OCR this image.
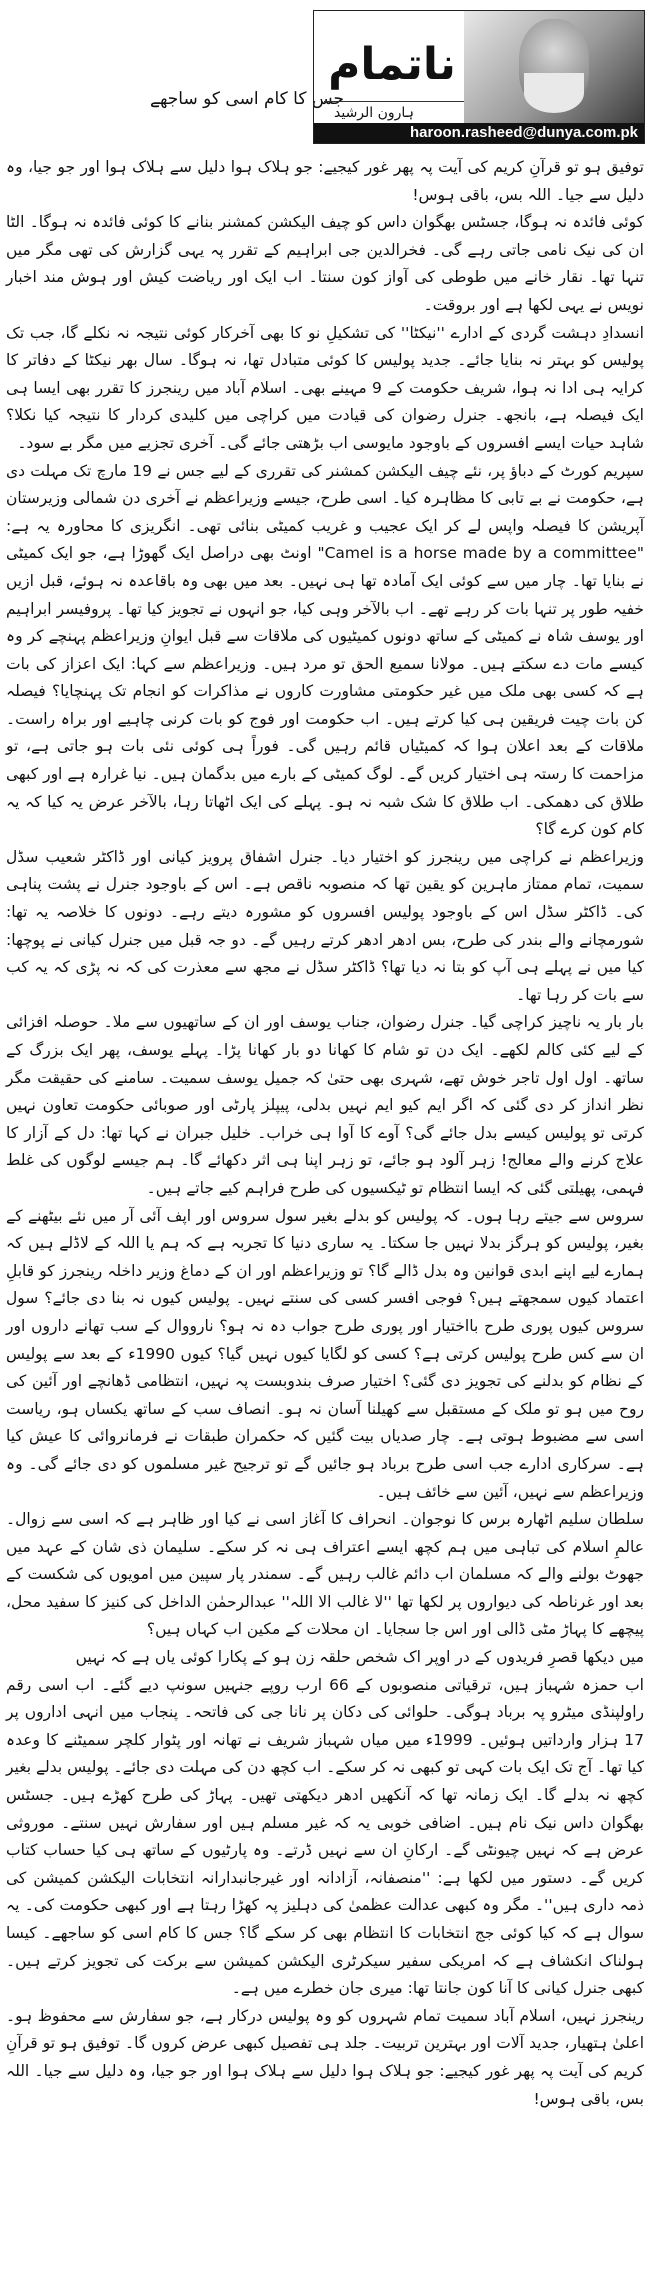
جس کا کام اسی کو ساجھے
ناتمام
ہارون الرشید
haroon.rasheed@dunya.com.pk

توفیق ہو تو قرآنِ کریم کی آیت پہ پھر غور کیجیے: جو ہلاک ہوا دلیل سے ہلاک ہوا اور جو جیا، وہ دلیل سے جیا۔ اللہ بس، باقی ہوس!

کوئی فائدہ نہ ہوگا، جسٹس بھگوان داس کو چیف الیکشن کمشنر بنانے کا کوئی فائدہ نہ ہوگا۔ الٹا ان کی نیک نامی جاتی رہے گی۔ فخرالدین جی ابراہیم کے تقرر پہ یہی گزارش کی تھی مگر میں تنہا تھا۔ نقار خانے میں طوطی کی آواز کون سنتا۔ اب ایک اور ریاضت کیش اور ہوش مند اخبار نویس نے یہی لکھا ہے اور بروقت۔

انسدادِ دہشت گردی کے ادارے ''نیکٹا'' کی تشکیلِ نو کا بھی آخرکار کوئی نتیجہ نہ نکلے گا، جب تک پولیس کو بہتر نہ بنایا جائے۔ جدید پولیس کا کوئی متبادل تھا، نہ ہوگا۔ سال بھر نیکٹا کے دفاتر کا کرایہ ہی ادا نہ ہوا، شریف حکومت کے 9 مہینے بھی۔ اسلام آباد میں رینجرز کا تقرر بھی ایسا ہی ایک فیصلہ ہے، بانجھ۔ جنرل رضوان کی قیادت میں کراچی میں کلیدی کردار کا نتیجہ کیا نکلا؟ شاہد حیات ایسے افسروں کے باوجود مایوسی اب بڑھتی جائے گی۔ آخری تجزیے میں مگر بے سود۔

سپریم کورٹ کے دباؤ پر، نئے چیف الیکشن کمشنر کی تقرری کے لیے جس نے 19 مارچ تک مہلت دی ہے، حکومت نے بے تابی کا مظاہرہ کیا۔ اسی طرح، جیسے وزیراعظم نے آخری دن شمالی وزیرستان آپریشن کا فیصلہ واپس لے کر ایک عجیب و غریب کمیٹی بنائی تھی۔ انگریزی کا محاورہ یہ ہے: "Camel is a horse made by a committee" اونٹ بھی دراصل ایک گھوڑا ہے، جو ایک کمیٹی نے بنایا تھا۔ چار میں سے کوئی ایک آمادہ تھا ہی نہیں۔ بعد میں بھی وہ باقاعدہ نہ ہوئے، قبل ازیں خفیہ طور پر تنہا بات کر رہے تھے۔ اب بالآخر وہی کیا، جو انہوں نے تجویز کیا تھا۔ پروفیسر ابراہیم اور یوسف شاہ نے کمیٹی کے ساتھ دونوں کمیٹیوں کی ملاقات سے قبل ایوانِ وزیراعظم پہنچے کر وہ کیسے مات دے سکتے ہیں۔ مولانا سمیع الحق تو مرد ہیں۔ وزیراعظم سے کہا: ایک اعزاز کی بات ہے کہ کسی بھی ملک میں غیر حکومتی مشاورت کاروں نے مذاکرات کو انجام تک پہنچایا؟ فیصلہ کن بات چیت فریقین ہی کیا کرتے ہیں۔ اب حکومت اور فوج کو بات کرنی چاہیے اور براہ راست۔ ملاقات کے بعد اعلان ہوا کہ کمیٹیاں قائم رہیں گی۔ فوراً ہی کوئی نئی بات ہو جاتی ہے، تو مزاحمت کا رستہ ہی اختیار کریں گے۔ لوگ کمیٹی کے بارے میں بدگمان ہیں۔ نیا غرارہ ہے اور کبھی طلاق کی دھمکی۔ اب طلاق کا شک شبہ نہ ہو۔ پہلے کی ایک اٹھاتا رہا، بالآخر عرض یہ کیا کہ یہ کام کون کرے گا؟

وزیراعظم نے کراچی میں رینجرز کو اختیار دیا۔ جنرل اشفاق پرویز کیانی اور ڈاکٹر شعیب سڈل سمیت، تمام ممتاز ماہرین کو یقین تھا کہ منصوبہ ناقص ہے۔ اس کے باوجود جنرل نے پشت پناہی کی۔ ڈاکٹر سڈل اس کے باوجود پولیس افسروں کو مشورہ دیتے رہے۔ دونوں کا خلاصہ یہ تھا: شورمچانے والے بندر کی طرح، بس ادھر ادھر کرتے رہیں گے۔ دو جہ قبل میں جنرل کیانی نے پوچھا: کیا میں نے پہلے ہی آپ کو بتا نہ دیا تھا؟ ڈاکٹر سڈل نے مجھ سے معذرت کی کہ نہ پڑی کہ یہ کب سے بات کر رہا تھا۔

بار بار یہ ناچیز کراچی گیا۔ جنرل رضوان، جناب یوسف اور ان کے ساتھیوں سے ملا۔ حوصلہ افزائی کے لیے کئی کالم لکھے۔ ایک دن تو شام کا کھانا دو بار کھانا پڑا۔ پہلے یوسف، پھر ایک بزرگ کے ساتھ۔ اول اول تاجر خوش تھے، شہری بھی حتیٰ کہ جمیل یوسف سمیت۔ سامنے کی حقیقت مگر نظر انداز کر دی گئی کہ اگر ایم کیو ایم نہیں بدلی، پیپلز پارٹی اور صوبائی حکومت تعاون نہیں کرتی تو پولیس کیسے بدل جائے گی؟ آوے کا آوا ہی خراب۔ خلیل جبران نے کہا تھا: دل کے آزار کا علاج کرنے والے معالج! زہر آلود ہو جائے، تو زہر اپنا ہی اثر دکھائے گا۔ ہم جیسے لوگوں کی غلط فہمی، پھیلتی گئی کہ ایسا انتظام تو ٹیکسیوں کی طرح فراہم کیے جاتے ہیں۔

سروس سے جیتے رہا ہوں۔ کہ پولیس کو بدلے بغیر سول سروس اور اپف آئی آر میں نئے بیٹھنے کے بغیر، پولیس کو ہرگز بدلا نہیں جا سکتا۔ یہ ساری دنیا کا تجربہ ہے کہ ہم یا اللہ کے لاڈلے ہیں کہ ہمارے لیے اپنے ابدی قوانین وہ بدل ڈالے گا؟ تو وزیراعظم اور ان کے دماغ وزیر داخلہ رینجرز کو قابلِ اعتماد کیوں سمجھتے ہیں؟ فوجی افسر کسی کی سنتے نہیں۔ پولیس کیوں نہ بنا دی جائے؟ سول سروس کیوں پوری طرح بااختیار اور پوری طرح جواب دہ نہ ہو؟ نارووال کے سب تھانے داروں اور ان سے کس طرح پولیس کرتی ہے؟ کسی کو لگایا کیوں نہیں گیا؟ کیوں 1990ء کے بعد سے پولیس کے نظام کو بدلنے کی تجویز دی گئی؟ اختیار صرف بندوبست پہ نہیں، انتظامی ڈھانچے اور آئین کی روح میں ہو تو ملک کے مستقبل سے کھیلنا آسان نہ ہو۔ انصاف سب کے ساتھ یکساں ہو، ریاست اسی سے مضبوط ہوتی ہے۔ چار صدیاں بیت گئیں کہ حکمران طبقات نے فرمانروائی کا عیش کیا ہے۔ سرکاری ادارے جب اسی طرح برباد ہو جائیں گے تو ترجیح غیر مسلموں کو دی جائے گی۔ وہ وزیراعظم سے نہیں، آئین سے خائف ہیں۔

سلطان سلیم اٹھارہ برس کا نوجوان۔ انحراف کا آغاز اسی نے کیا اور ظاہر ہے کہ اسی سے زوال۔ عالمِ اسلام کی تباہی میں ہم کچھ ایسے اعتراف ہی نہ کر سکے۔ سلیمان ذی شان کے عہد میں جھوٹ بولنے والے کہ مسلمان اب دائم غالب رہیں گے۔ سمندر پار سپین میں امویوں کی شکست کے بعد اور غرناطہ کی دیواروں پر لکھا تھا ''لا غالب الا اللہ'' عبدالرحمٰن الداخل کی کنیز کا سفید محل، پیچھے کا پہاڑ مٹی ڈالی اور اس جا سجایا۔ ان محلات کے مکین اب کہاں ہیں؟

میں دیکھا قصرِ فریدوں کے در اوپر اک شخص حلقہ زن ہو کے پکارا کوئی یاں ہے کہ نہیں

اب حمزہ شہباز ہیں، ترقیاتی منصوبوں کے 66 ارب روپے جنہیں سونپ دیے گئے۔ اب اسی رقم راولپنڈی میٹرو پہ برباد ہوگی۔ حلوائی کی دکان پر نانا جی کی فاتحہ۔ پنجاب میں انہی اداروں پر 17 ہزار وارداتیں ہوئیں۔ 1999ء میں میاں شہباز شریف نے تھانہ اور پٹوار کلچر سمیٹنے کا وعدہ کیا تھا۔ آج تک ایک بات کہی تو کبھی نہ کر سکے۔ اب کچھ دن کی مہلت دی جائے۔ پولیس بدلے بغیر کچھ نہ بدلے گا۔ ایک زمانہ تھا کہ آنکھیں ادھر دیکھتی تھیں۔ پہاڑ کی طرح کھڑے ہیں۔ جسٹس بھگوان داس نیک نام ہیں۔ اضافی خوبی یہ کہ غیر مسلم ہیں اور سفارش نہیں سنتے۔ موروثی عرض ہے کہ نہیں چیونٹی گے۔ ارکانِ ان سے نہیں ڈرتے۔ وہ پارٹیوں کے ساتھ ہی کیا حساب کتاب کریں گے۔ دستور میں لکھا ہے: ''منصفانہ، آزادانہ اور غیرجانبدارانہ انتخابات الیکشن کمیشن کی ذمہ داری ہیں''۔ مگر وہ کبھی عدالت عظمیٰ کی دہلیز پہ کھڑا رہتا ہے اور کبھی حکومت کی۔ یہ سوال ہے کہ کیا کوئی جج انتخابات کا انتظام بھی کر سکے گا؟ جس کا کام اسی کو ساجھے۔ کیسا ہولناک انکشاف ہے کہ امریکی سفیر سیکرٹری الیکشن کمیشن سے برکت کی تجویز کرتے ہیں۔ کبھی جنرل کیانی کا آنا کون جانتا تھا: میری جان خطرے میں ہے۔

رینجرز نہیں، اسلام آباد سمیت تمام شہروں کو وہ پولیس درکار ہے، جو سفارش سے محفوظ ہو۔ اعلیٰ ہتھیار، جدید آلات اور بہترین تربیت۔ جلد ہی تفصیل کبھی عرض کروں گا۔ توفیق ہو تو قرآنِ کریم کی آیت پہ پھر غور کیجیے: جو ہلاک ہوا دلیل سے ہلاک ہوا اور جو جیا، وہ دلیل سے جیا۔ اللہ بس، باقی ہوس!
